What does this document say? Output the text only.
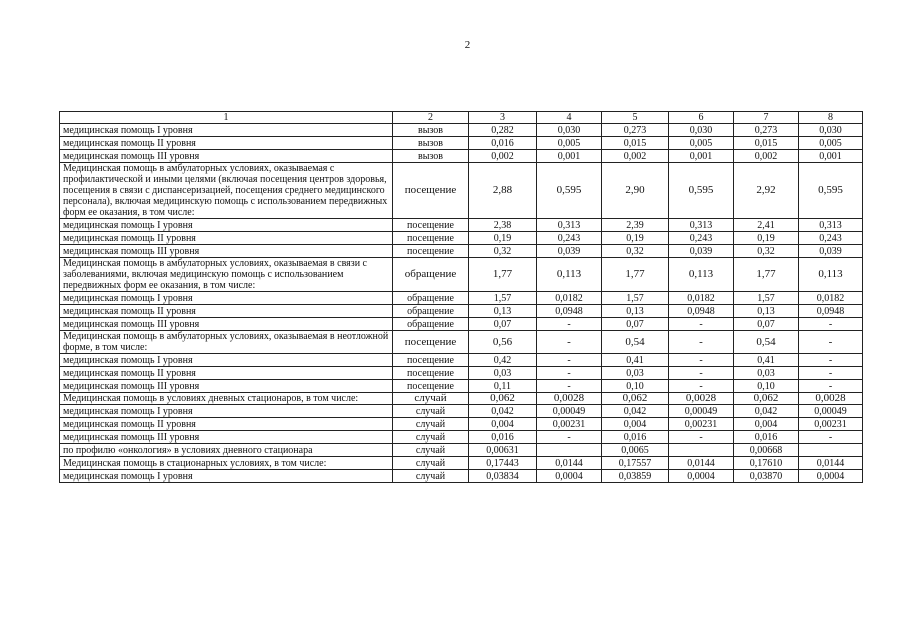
2
1	2	3	4	5	6	7	8
медицинская помощь I уровня	вызов	0,282	0,030	0,273	0,030	0,273	0,030
медицинская помощь II уровня	вызов	0,016	0,005	0,015	0,005	0,015	0,005
медицинская помощь III уровня	вызов	0,002	0,001	0,002	0,001	0,002	0,001
Медицинская помощь в амбулаторных условиях, оказываемая с профилактической и иными целями (включая посещения центров здоровья, посещения в связи с диспансеризацией, посещения среднего медицинского персонала), включая медицинскую помощь с использованием передвижных форм ее оказания, в том числе:	посещение	2,88	0,595	2,90	0,595	2,92	0,595
медицинская помощь I уровня	посещение	2,38	0,313	2,39	0,313	2,41	0,313
медицинская помощь II уровня	посещение	0,19	0,243	0,19	0,243	0,19	0,243
медицинская помощь III уровня	посещение	0,32	0,039	0,32	0,039	0,32	0,039
Медицинская помощь в амбулаторных условиях, оказываемая в связи с заболеваниями, включая медицинскую помощь с использованием передвижных форм ее оказания, в том числе:	обращение	1,77	0,113	1,77	0,113	1,77	0,113
медицинская помощь I уровня	обращение	1,57	0,0182	1,57	0,0182	1,57	0,0182
медицинская помощь II уровня	обращение	0,13	0,0948	0,13	0,0948	0,13	0,0948
медицинская помощь III уровня	обращение	0,07	-	0,07	-	0,07	-
Медицинская помощь в амбулаторных условиях, оказываемая в неотложной форме, в том числе:	посещение	0,56	-	0,54	-	0,54	-
медицинская помощь I уровня	посещение	0,42	-	0,41	-	0,41	-
медицинская помощь II уровня	посещение	0,03	-	0,03	-	0,03	-
медицинская помощь III уровня	посещение	0,11	-	0,10	-	0,10	-
Медицинская помощь в условиях дневных стационаров, в том числе:	случай	0,062	0,0028	0,062	0,0028	0,062	0,0028
медицинская помощь I уровня	случай	0,042	0,00049	0,042	0,00049	0,042	0,00049
медицинская помощь II уровня	случай	0,004	0,00231	0,004	0,00231	0,004	0,00231
медицинская помощь III уровня	случай	0,016	-	0,016	-	0,016	-
по профилю «онкология» в условиях дневного стационара	случай	0,00631		0,0065		0,00668	
Медицинская помощь в стационарных условиях, в том числе:	случай	0,17443	0,0144	0,17557	0,0144	0,17610	0,0144
медицинская помощь I уровня	случай	0,03834	0,0004	0,03859	0,0004	0,03870	0,0004
